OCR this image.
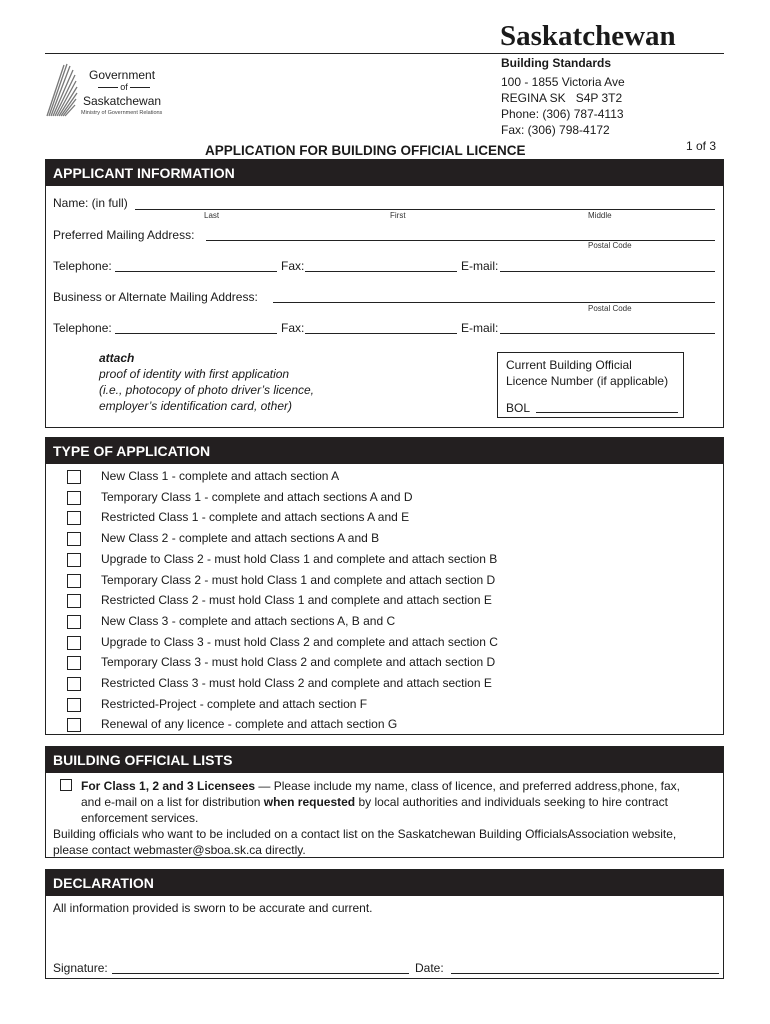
Saskatchewan
Government
of
Saskatchewan
Ministry of Government Relations
Building Standards
100 - 1855 Victoria Ave
REGINA SK   S4P 3T2
Phone: (306) 787-4113
Fax: (306) 798-4172
APPLICATION FOR BUILDING OFFICIAL LICENCE	1 of 3
APPLICANT INFORMATION
Name: (in full)
Last	First	Middle
Preferred Mailing Address:
Postal Code
Telephone:	Fax:	E-mail:
Business or Alternate Mailing Address:
Postal Code
Telephone:	Fax:	E-mail:
attach
proof of identity with first application
(i.e., photocopy of photo driver’s licence,
employer’s identification card, other)
Current Building Official
Licence Number (if applicable)
BOL
TYPE OF APPLICATION
New Class 1 - complete and attach section A
Temporary Class 1 - complete and attach sections A and D
Restricted Class 1 - complete and attach sections A and E
New Class 2 - complete and attach sections A and B
Upgrade to Class 2 - must hold Class 1 and complete and attach section B
Temporary Class 2 - must hold Class 1 and complete and attach section D
Restricted Class 2 - must hold Class 1 and complete and attach section E
New Class 3 - complete and attach sections A, B and C
Upgrade to Class 3 - must hold Class 2 and complete and attach section C
Temporary Class 3 - must hold Class 2 and complete and attach section D
Restricted Class 3 - must hold Class 2 and complete and attach section E
Restricted-Project - complete and attach section F
Renewal of any licence - complete and attach section G
BUILDING OFFICIAL LISTS
For Class 1, 2 and 3 Licensees — Please include my name, class of licence, and preferred address,phone, fax,
and e-mail on a list for distribution when requested by local authorities and individuals seeking to hire contract
enforcement services.
Building officials who want to be included on a contact list on the Saskatchewan Building OfficialsAssociation website,
please contact webmaster@sboa.sk.ca directly.
DECLARATION
All information provided is sworn to be accurate and current.
Signature:	Date:
